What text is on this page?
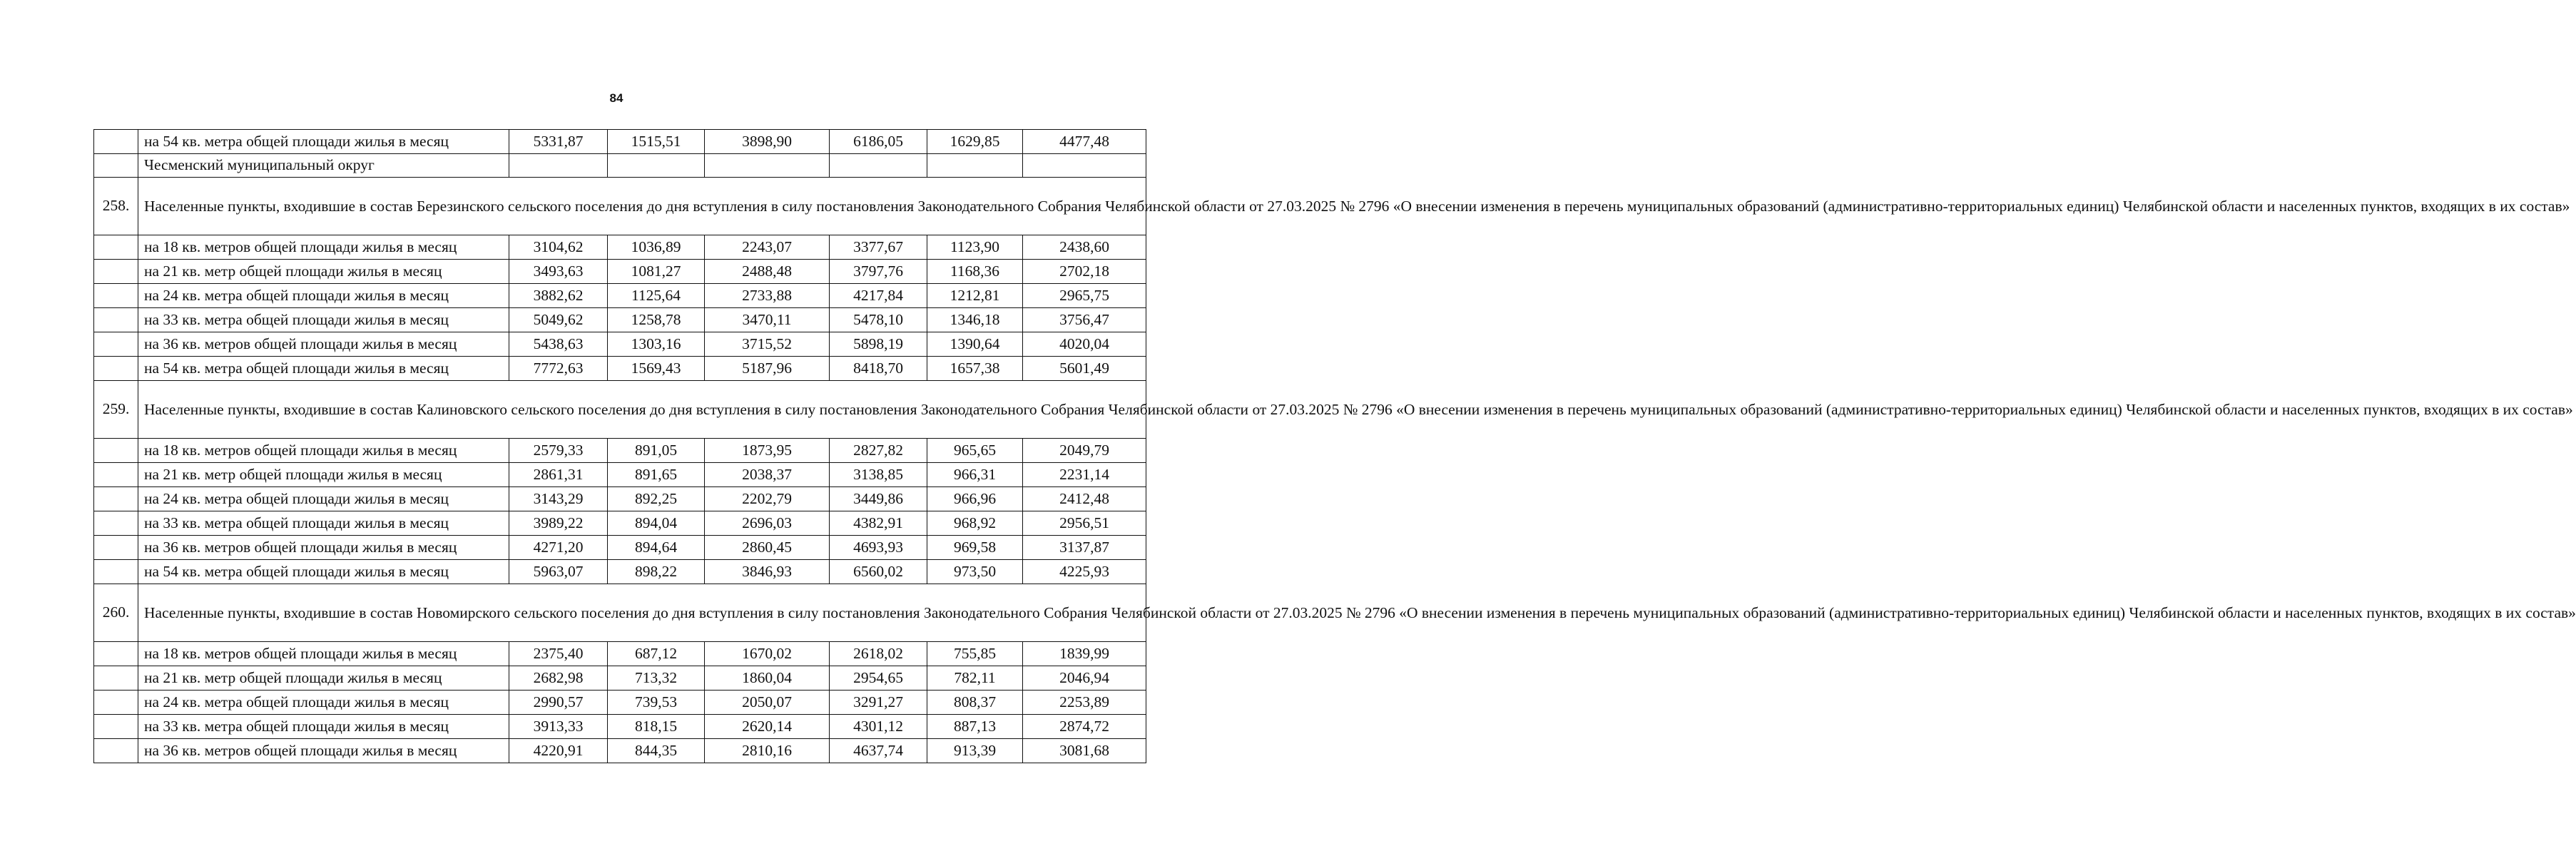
84
	на 54 кв. метра общей площади жилья в месяц	5331,87	1515,51	3898,90	6186,05	1629,85	4477,48
	Чесменский муниципальный округ						
258.	Населенные пункты, входившие в состав Березинского сельского поселения до дня вступления в силу постановления Законодательного Собрания Челябинской области от 27.03.2025 № 2796 «О внесении изменения в перечень муниципальных образований (административно-территориальных единиц) Челябинской области и населенных пунктов, входящих в их состав»						
	на 18 кв. метров общей площади жилья в месяц	3104,62	1036,89	2243,07	3377,67	1123,90	2438,60
	на 21 кв. метр общей площади жилья в месяц	3493,63	1081,27	2488,48	3797,76	1168,36	2702,18
	на 24 кв. метра общей площади жилья в месяц	3882,62	1125,64	2733,88	4217,84	1212,81	2965,75
	на 33 кв. метра общей площади жилья в месяц	5049,62	1258,78	3470,11	5478,10	1346,18	3756,47
	на 36 кв. метров общей площади жилья в месяц	5438,63	1303,16	3715,52	5898,19	1390,64	4020,04
	на 54 кв. метра общей площади жилья в месяц	7772,63	1569,43	5187,96	8418,70	1657,38	5601,49
259.	Населенные пункты, входившие в состав Калиновского сельского поселения до дня вступления в силу постановления Законодательного Собрания Челябинской области от 27.03.2025 № 2796 «О внесении изменения в перечень муниципальных образований (административно-территориальных единиц) Челябинской области и населенных пунктов, входящих в их состав»						
	на 18 кв. метров общей площади жилья в месяц	2579,33	891,05	1873,95	2827,82	965,65	2049,79
	на 21 кв. метр общей площади жилья в месяц	2861,31	891,65	2038,37	3138,85	966,31	2231,14
	на 24 кв. метра общей площади жилья в месяц	3143,29	892,25	2202,79	3449,86	966,96	2412,48
	на 33 кв. метра общей площади жилья в месяц	3989,22	894,04	2696,03	4382,91	968,92	2956,51
	на 36 кв. метров общей площади жилья в месяц	4271,20	894,64	2860,45	4693,93	969,58	3137,87
	на 54 кв. метра общей площади жилья в месяц	5963,07	898,22	3846,93	6560,02	973,50	4225,93
260.	Населенные пункты, входившие в состав Новомирского сельского поселения до дня вступления в силу постановления Законодательного Собрания Челябинской области от 27.03.2025 № 2796 «О внесении изменения в перечень муниципальных образований (административно-территориальных единиц) Челябинской области и населенных пунктов, входящих в их состав»						
	на 18 кв. метров общей площади жилья в месяц	2375,40	687,12	1670,02	2618,02	755,85	1839,99
	на 21 кв. метр общей площади жилья в месяц	2682,98	713,32	1860,04	2954,65	782,11	2046,94
	на 24 кв. метра общей площади жилья в месяц	2990,57	739,53	2050,07	3291,27	808,37	2253,89
	на 33 кв. метра общей площади жилья в месяц	3913,33	818,15	2620,14	4301,12	887,13	2874,72
	на 36 кв. метров общей площади жилья в месяц	4220,91	844,35	2810,16	4637,74	913,39	3081,68
